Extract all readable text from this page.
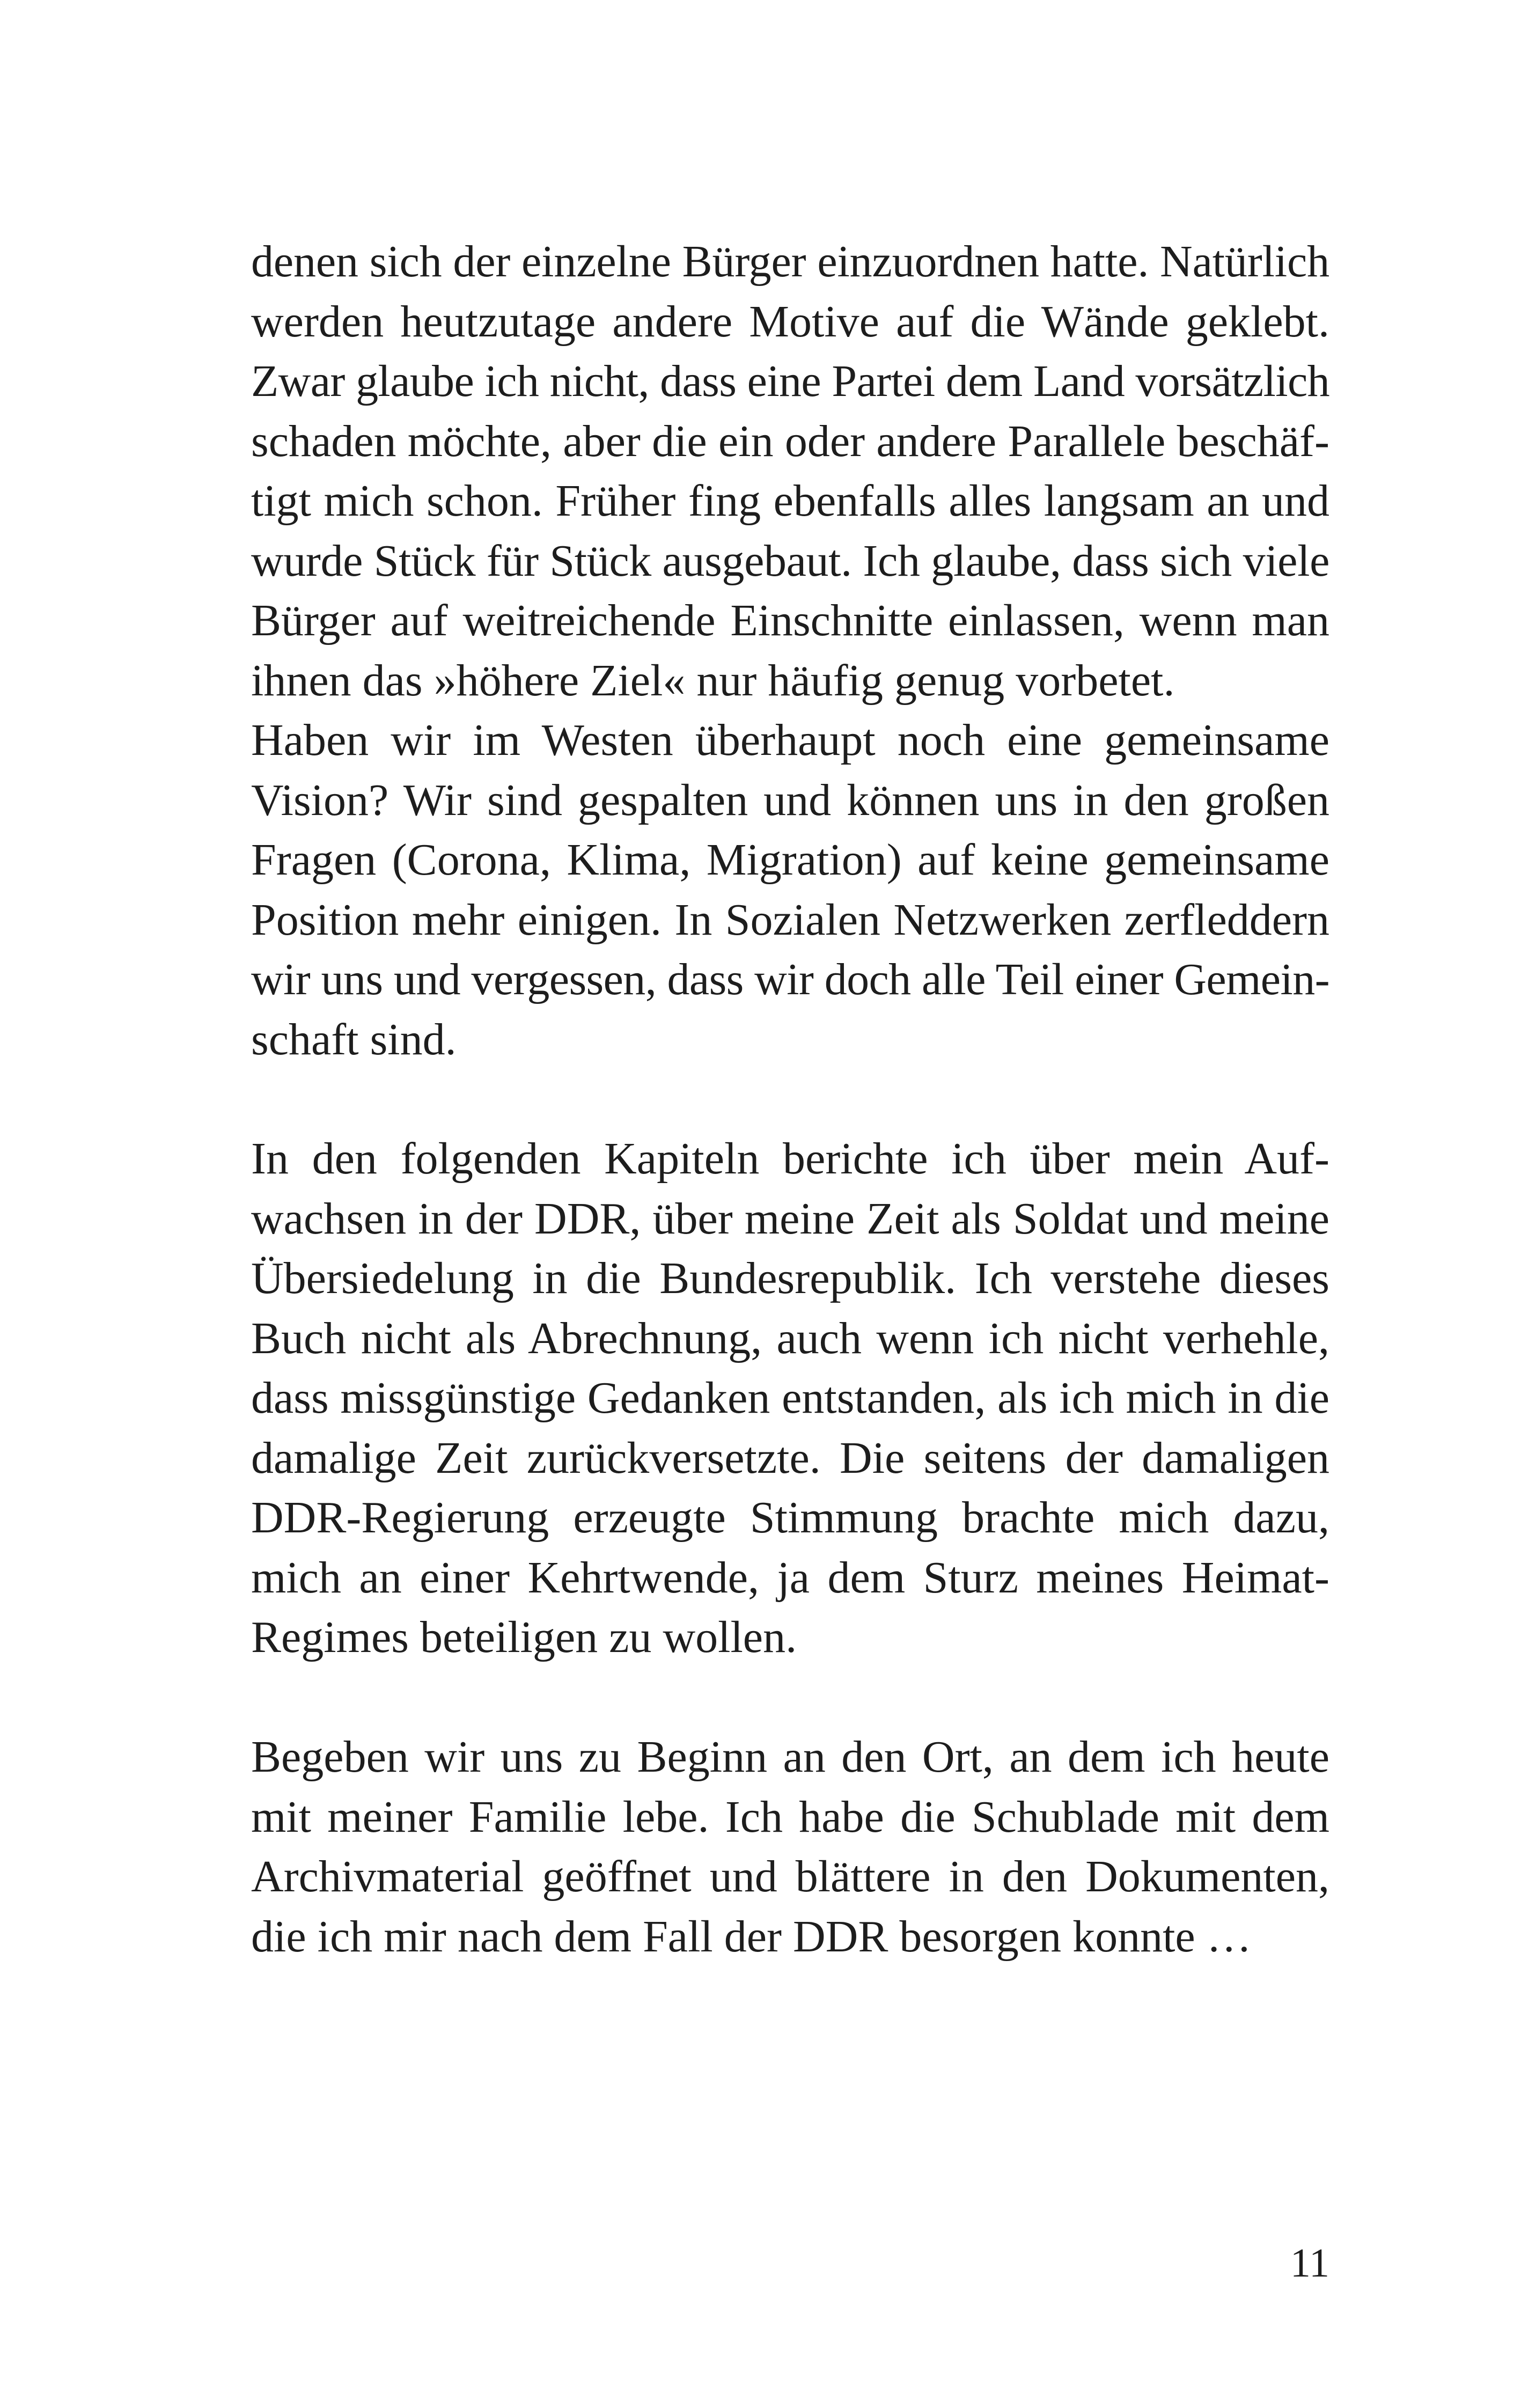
denen sich der einzelne Bürger einzuordnen hatte. Natürlich
werden heutzutage andere Motive auf die Wände geklebt.
Zwar glaube ich nicht, dass eine Partei dem Land vorsätzlich
schaden möchte, aber die ein oder andere Parallele beschäf-
tigt mich schon. Früher fing ebenfalls alles langsam an und
wurde Stück für Stück ausgebaut. Ich glaube, dass sich viele
Bürger auf weitreichende Einschnitte einlassen, wenn man
ihnen das »höhere Ziel« nur häufig genug vorbetet.
Haben wir im Westen überhaupt noch eine gemeinsame
Vision? Wir sind gespalten und können uns in den großen
Fragen (Corona, Klima, Migration) auf keine gemeinsame
Position mehr einigen. In Sozialen Netzwerken zerfleddern
wir uns und vergessen, dass wir doch alle Teil einer Gemein-
schaft sind.
In den folgenden Kapiteln berichte ich über mein Auf-
wachsen in der DDR, über meine Zeit als Soldat und meine
Übersiedelung in die Bundesrepublik. Ich verstehe dieses
Buch nicht als Abrechnung, auch wenn ich nicht verhehle,
dass missgünstige Gedanken entstanden, als ich mich in die
damalige Zeit zurückversetzte. Die seitens der damaligen
DDR-Regierung erzeugte Stimmung brachte mich dazu,
mich an einer Kehrtwende, ja dem Sturz meines Heimat-
Regimes beteiligen zu wollen.
Begeben wir uns zu Beginn an den Ort, an dem ich heute
mit meiner Familie lebe. Ich habe die Schublade mit dem
Archivmaterial geöffnet und blättere in den Dokumenten,
die ich mir nach dem Fall der DDR besorgen konnte …
11
